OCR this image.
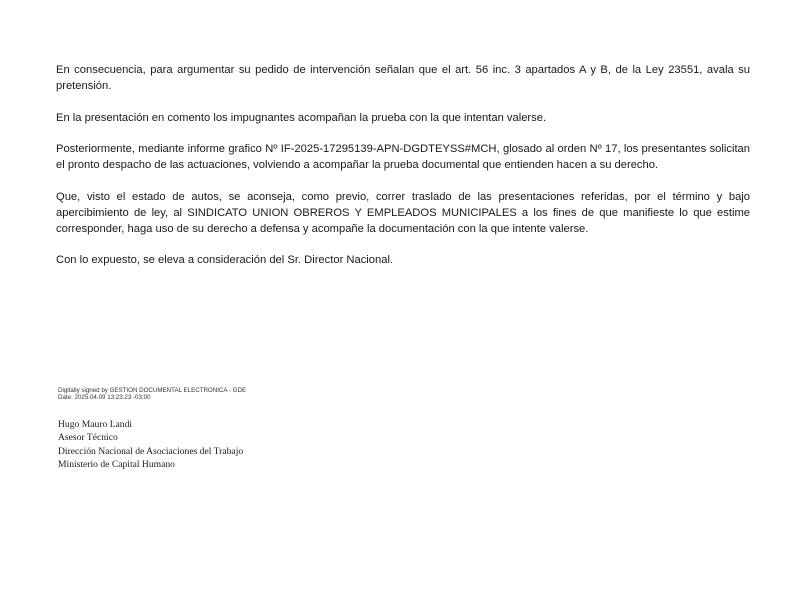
En consecuencia, para argumentar su pedido de intervención señalan que el art. 56 inc. 3 apartados A y B, de la Ley 23551, avala su pretensión.

En la presentación en comento los impugnantes acompañan la prueba con la que intentan valerse.

Posteriormente, mediante informe grafico Nº IF-2025-17295139-APN-DGDTEYSS#MCH, glosado al orden Nº 17, los presentantes solicitan el pronto despacho de las actuaciones, volviendo a acompañar la prueba documental que entienden hacen a su derecho.

Que, visto el estado de autos, se aconseja, como previo, correr traslado de las presentaciones referidas, por el término y bajo apercibimiento de ley, al SINDICATO UNION OBREROS Y EMPLEADOS MUNICIPALES a los fines de que manifieste lo que estime corresponder, haga uso de su derecho a defensa y acompañe la documentación con la que intente valerse.

Con lo expuesto, se eleva a consideración del Sr. Director Nacional.

Digitally signed by GESTION DOCUMENTAL ELECTRONICA - GDE
Date: 2025.04.09 13:23:23 -03:00
Hugo Mauro Landi
Asesor Técnico
Dirección Nacional de Asociaciones del Trabajo
Ministerio de Capital Humano
